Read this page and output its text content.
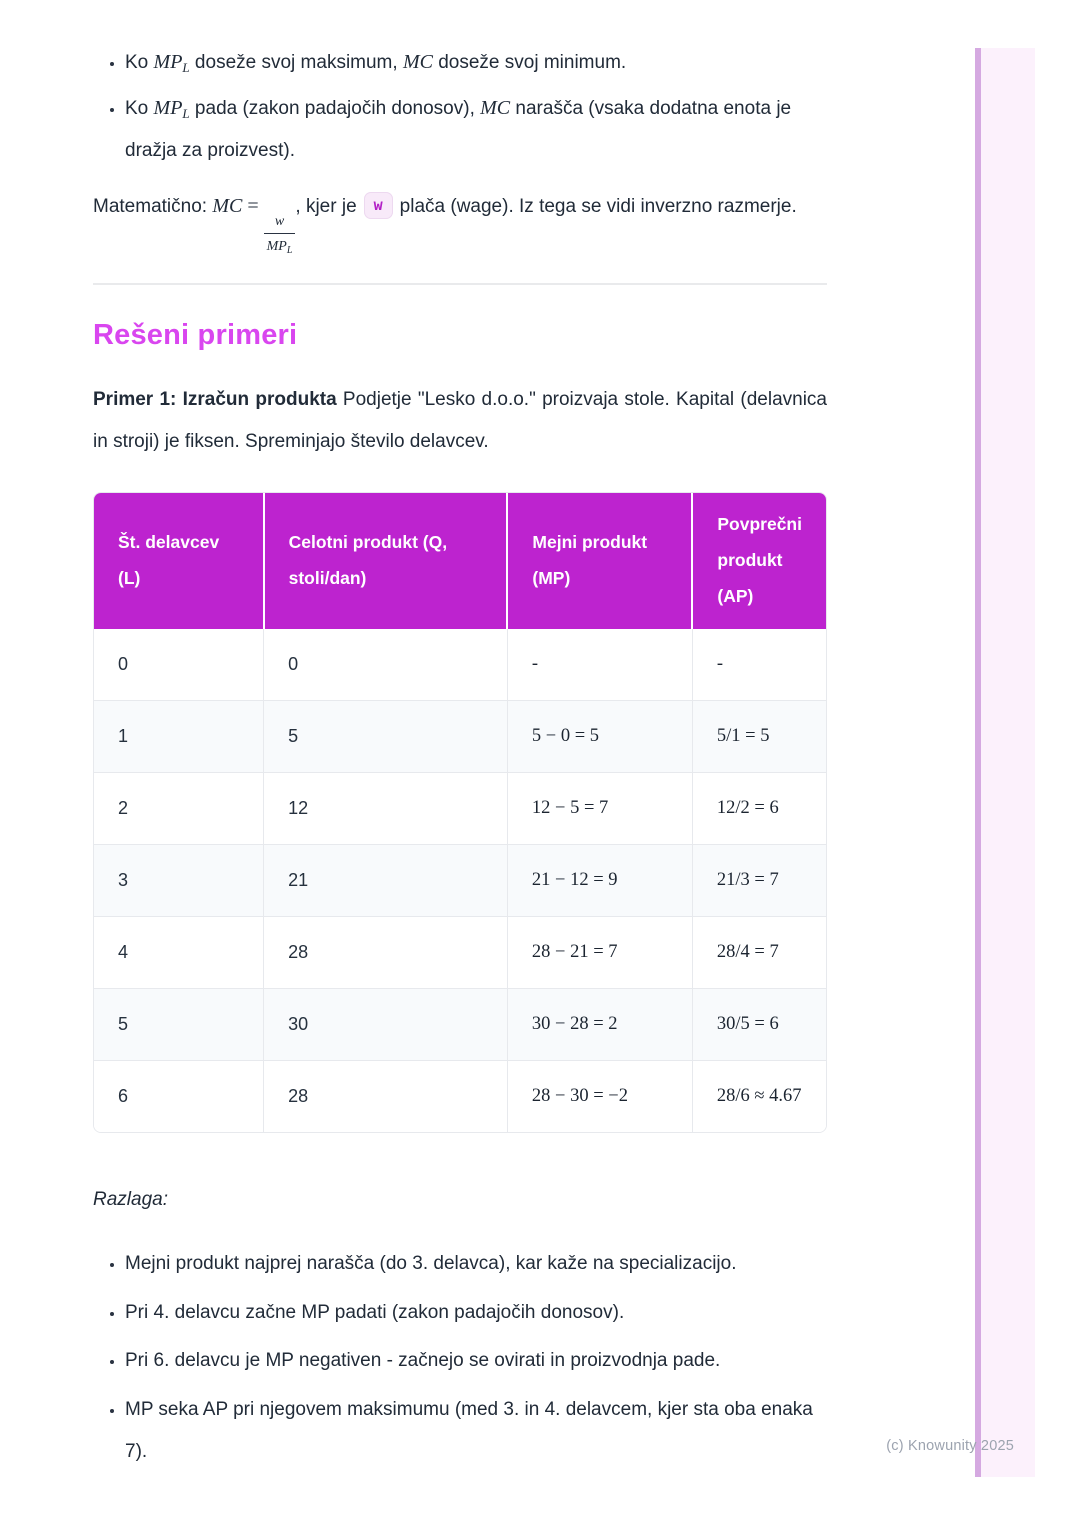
• Ko $MP_L$ doseže svoj maksimum, MC doseže svoj minimum.
• Ko $MP_L$ pada (zakon padajočih donosov), MC narašča (vsaka dodatna enota je dražja za proizvest).

Matematično: MC =
$\frac{w}{\text{MPL}}$
, kjer je w plača (wage). Iz tega se vidi inverzno razmerje.

Rešeni primeri

Primer 1: Izračun produkta Podjetje "Lesko d.o.o." proizvaja stole. Kapital (delavnica in stroji) je fiksen. Spreminjajo število delavcev.

Št. delavcev (L)	Celotni produkt (Q, stoli/dan)	Mejni produkt (MP)	Povprečni produkt (AP)
0	0	-	-
1	5	5 − 0 = 5	5/1 = 5
2	12	12 − 5 = 7	12/2 = 6
3	21	21 − 12 = 9	21/3 = 7
4	28	28 − 21 = 7	28/4 = 7
5	30	30 − 28 = 2	30/5 = 6
6	28	28 − 30 = −2	28/6 ≈ 4.67

Razlaga:

• Mejni produkt najprej narašča (do 3. delavca), kar kaže na specializacijo.
• Pri 4. delavcu začne MP padati (zakon padajočih donosov).
• Pri 6. delavcu je MP negativen - začnejo se ovirati in proizvodnja pade.
• MP seka AP pri njegovem maksimumu (med 3. in 4. delavcem, kjer sta oba enaka 7).	(c) Knowunity 2025
